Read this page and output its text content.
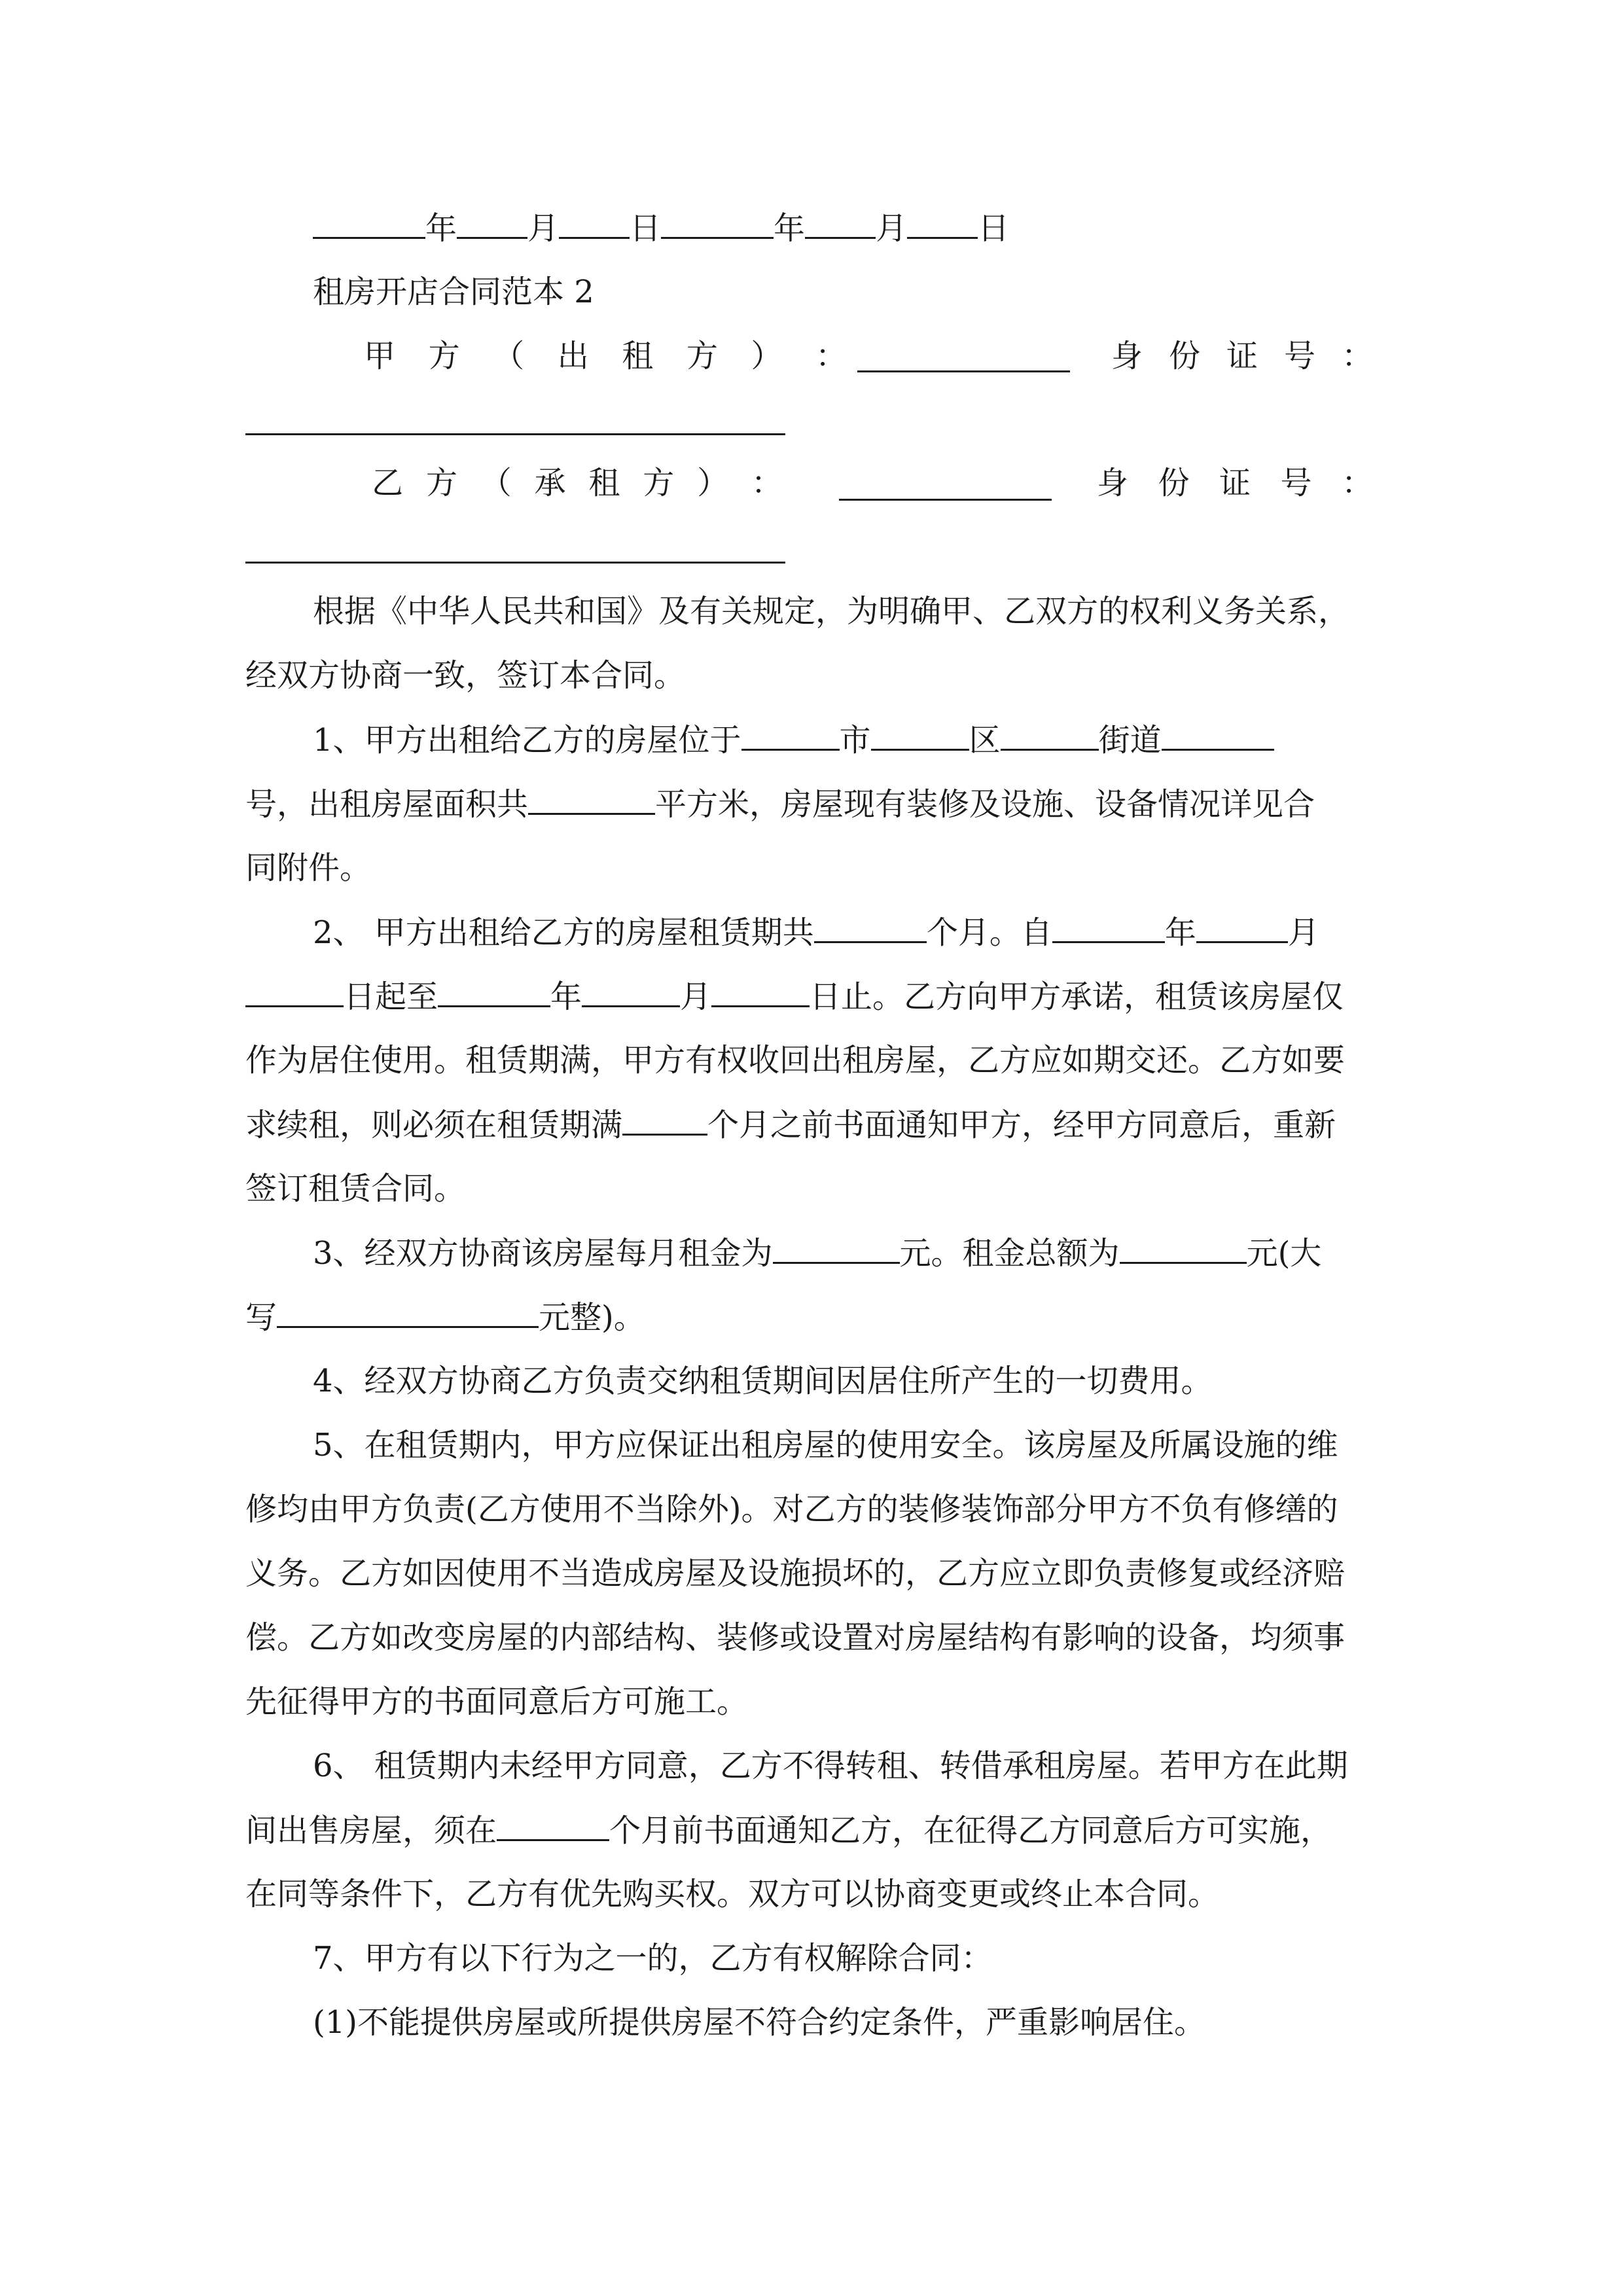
年 月 日	年 月 日
租房开店合同范本 2
甲 方 （ 出 租 方 ） ：	身 份 证 号 ：
乙 方 （ 承 租 方 ） ：	身 份 证 号 ：
根据《中华人民共和国》及有关规定，为明确甲、乙双方的权利义务关系，
经双方协商一致，签订本合同。
1、甲方出租给乙方的房屋位于	市	区	街道
号，出租房屋面积共	平方米，房屋现有装修及设施、设备情况详见合
同附件。
2、 甲方出租给乙方的房屋租赁期共	个月。自	年	月
日起至	年	月	日止。乙方向甲方承诺，租赁该房屋仅
作为居住使用。租赁期满，甲方有权收回出租房屋，乙方应如期交还。乙方如要
求续租，则必须在租赁期满	个月之前书面通知甲方，经甲方同意后，重新
签订租赁合同。
3、经双方协商该房屋每月租金为	元。租金总额为	元(大
写	元整)。
4、经双方协商乙方负责交纳租赁期间因居住所产生的一切费用。
5、在租赁期内，甲方应保证出租房屋的使用安全。该房屋及所属设施的维
修均由甲方负责(乙方使用不当除外)。对乙方的装修装饰部分甲方不负有修缮的
义务。乙方如因使用不当造成房屋及设施损坏的，乙方应立即负责修复或经济赔
偿。乙方如改变房屋的内部结构、装修或设置对房屋结构有影响的设备，均须事
先征得甲方的书面同意后方可施工。
6、 租赁期内未经甲方同意，乙方不得转租、转借承租房屋。若甲方在此期
间出售房屋，须在	个月前书面通知乙方，在征得乙方同意后方可实施，
在同等条件下，乙方有优先购买权。双方可以协商变更或终止本合同。
7、甲方有以下行为之一的，乙方有权解除合同：
(1)不能提供房屋或所提供房屋不符合约定条件，严重影响居住。
